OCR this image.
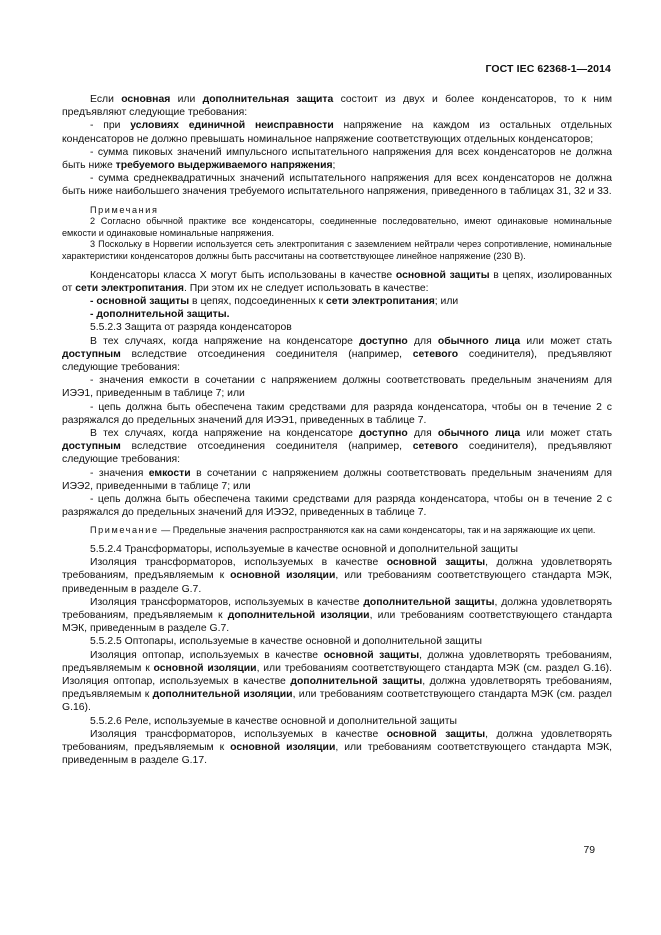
ГОСТ IEC 62368-1—2014

Если основная или дополнительная защита состоит из двух и более конденсаторов, то к ним предъявляют следующие требования:

- при условиях единичной неисправности напряжение на каждом из остальных отдельных конденсаторов не должно превышать номинальное напряжение соответствующих отдельных конденсаторов;

- сумма пиковых значений импульсного испытательного напряжения для всех конденсаторов не должна быть ниже требуемого выдерживаемого напряжения;

- сумма среднеквадратичных значений испытательного напряжения для всех конденсаторов не должна быть ниже наибольшего значения требуемого испытательного напряжения, приведенного в таблицах 31, 32 и 33.

Примечания

2 Согласно обычной практике все конденсаторы, соединенные последовательно, имеют одинаковые номинальные емкости и одинаковые номинальные напряжения.

3 Поскольку в Норвегии используется сеть электропитания с заземлением нейтрали через сопротивление, номинальные характеристики конденсаторов должны быть рассчитаны на соответствующее линейное напряжение (230 В).

Конденсаторы класса X могут быть использованы в качестве основной защиты в цепях, изолированных от сети электропитания. При этом их не следует использовать в качестве:

- основной защиты в цепях, подсоединенных к сети электропитания; или

- дополнительной защиты.

5.5.2.3 Защита от разряда конденсаторов

В тех случаях, когда напряжение на конденсаторе доступно для обычного лица или может стать доступным вследствие отсоединения соединителя (например, сетевого соединителя), предъявляют следующие требования:

- значения емкости в сочетании с напряжением должны соответствовать предельным значениям для ИЭЭ1, приведенным в таблице 7; или

- цепь должна быть обеспечена таким средствами для разряда конденсатора, чтобы он в течение 2 с разряжался до предельных значений для ИЭЭ1, приведенных в таблице 7.

В тех случаях, когда напряжение на конденсаторе доступно для обычного лица или может стать доступным вследствие отсоединения соединителя (например, сетевого соединителя), предъявляют следующие требования:

- значения емкости в сочетании с напряжением должны соответствовать предельным значениям для ИЭЭ2, приведенными в таблице 7; или

- цепь должна быть обеспечена такими средствами для разряда конденсатора, чтобы он в течение 2 с разряжался до предельных значений для ИЭЭ2, приведенных в таблице 7.

Примечание — Предельные значения распространяются как на сами конденсаторы, так и на заряжающие их цепи.

5.5.2.4 Трансформаторы, используемые в качестве основной и дополнительной защиты

Изоляция трансформаторов, используемых в качестве основной защиты, должна удовлетворять требованиям, предъявляемым к основной изоляции, или требованиям соответствующего стандарта МЭК, приведенным в разделе G.7.

Изоляция трансформаторов, используемых в качестве дополнительной защиты, должна удовлетворять требованиям, предъявляемым к дополнительной изоляции, или требованиям соответствующего стандарта МЭК, приведенным в разделе G.7.

5.5.2.5 Оптопары, используемые в качестве основной и дополнительной защиты

Изоляция оптопар, используемых в качестве основной защиты, должна удовлетворять требованиям, предъявляемым к основной изоляции, или требованиям соответствующего стандарта МЭК (см. раздел G.16). Изоляция оптопар, используемых в качестве дополнительной защиты, должна удовлетворять требованиям, предъявляемым к дополнительной изоляции, или требованиям соответствующего стандарта МЭК (см. раздел G.16).

5.5.2.6 Реле, используемые в качестве основной и дополнительной защиты

Изоляция трансформаторов, используемых в качестве основной защиты, должна удовлетворять требованиям, предъявляемым к основной изоляции, или требованиям соответствующего стандарта МЭК, приведенным в разделе G.17.

79
